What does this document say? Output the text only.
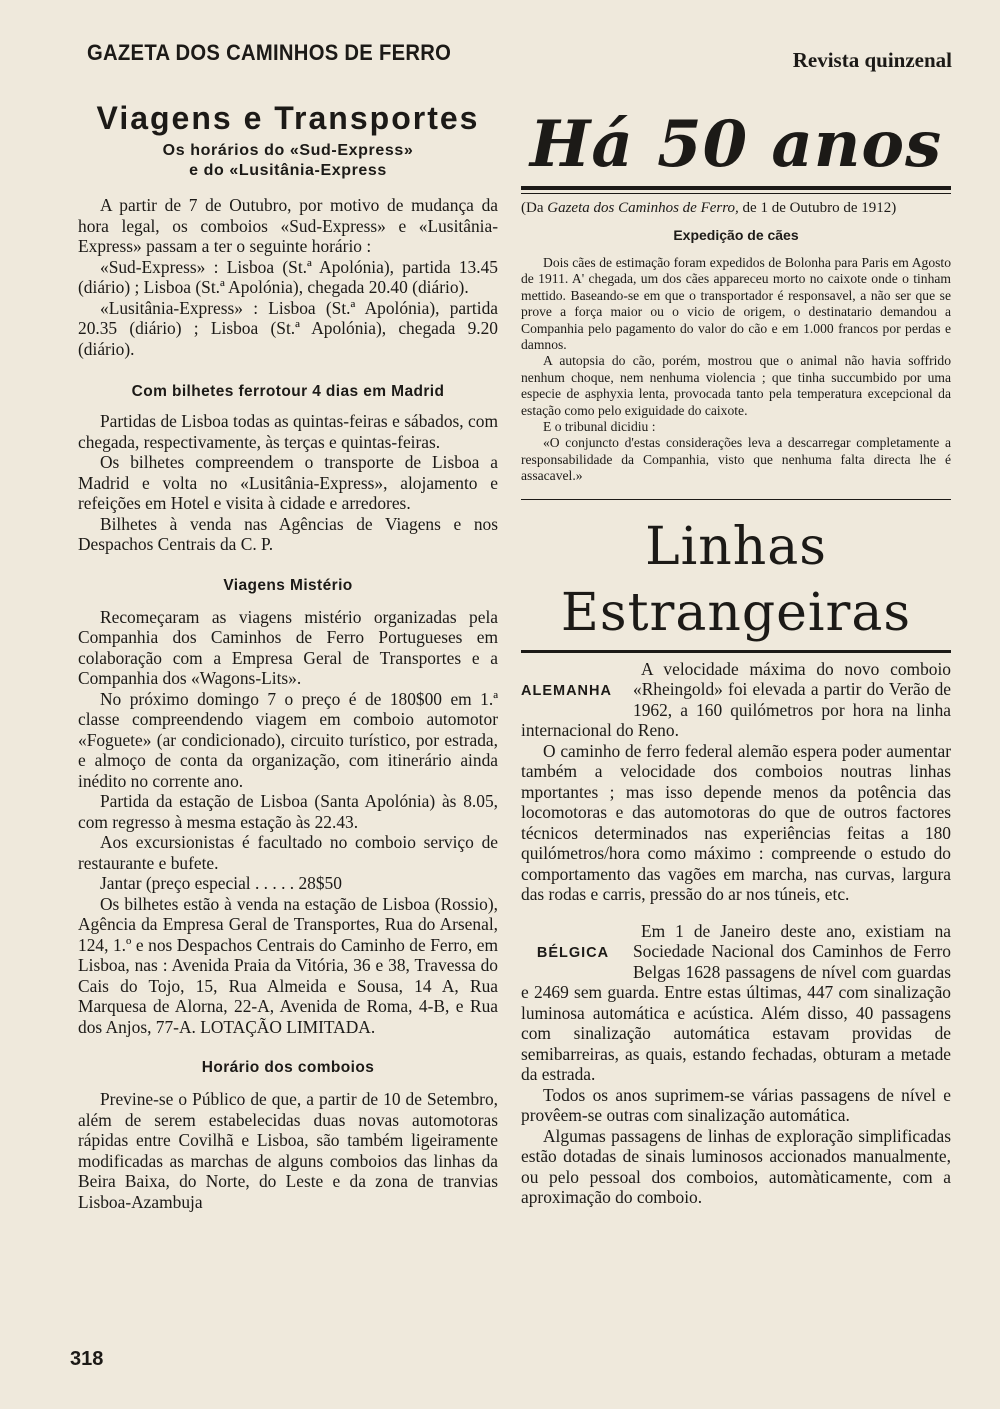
GAZETA DOS CAMINHOS DE FERRO	Revista quinzenal
Viagens e Transportes
Os horários do «Sud-Express»
e do «Lusitânia-Express

A partir de 7 de Outubro, por motivo de mudança da hora legal, os comboios «Sud-Express» e «Lusitânia-Express» passam a ter o seguinte horário :

«Sud-Express» : Lisboa (St.ª Apolónia), partida 13.45 (diário) ; Lisboa (St.ª Apolónia), chegada 20.40 (diário).

«Lusitânia-Express» : Lisboa (St.ª Apolónia), partida 20.35 (diário) ; Lisboa (St.ª Apolónia), chegada 9.20 (diário).

Com bilhetes ferrotour 4 dias em Madrid

Partidas de Lisboa todas as quintas-feiras e sábados, com chegada, respectivamente, às terças e quintas-feiras.

Os bilhetes compreendem o transporte de Lisboa a Madrid e volta no «Lusitânia-Express», alojamento e refeições em Hotel e visita à cidade e arredores.

Bilhetes à venda nas Agências de Viagens e nos Despachos Centrais da C. P.

Viagens Mistério

Recomeçaram as viagens mistério organizadas pela Companhia dos Caminhos de Ferro Portugueses em colaboração com a Empresa Geral de Transportes e a Companhia dos «Wagons-Lits».

No próximo domingo 7 o preço é de 180$00 em 1.ª classe compreendendo viagem em comboio automotor «Foguete» (ar condicionado), circuito turístico, por estrada, e almoço de conta da organização, com itinerário ainda inédito no corrente ano.

Partida da estação de Lisboa (Santa Apolónia) às 8.05, com regresso à mesma estação às 22.43.

Aos excursionistas é facultado no comboio serviço de restaurante e bufete.

Jantar (preço especial . . . . . 28$50

Os bilhetes estão à venda na estação de Lisboa (Rossio), Agência da Empresa Geral de Transportes, Rua do Arsenal, 124, 1.º e nos Despachos Centrais do Caminho de Ferro, em Lisboa, nas : Avenida Praia da Vitória, 36 e 38, Travessa do Cais do Tojo, 15, Rua Almeida e Sousa, 14 A, Rua Marquesa de Alorna, 22-A, Avenida de Roma, 4-B, e Rua dos Anjos, 77-A. LOTAÇÃO LIMITADA.

Horário dos comboios

Previne-se o Público de que, a partir de 10 de Setembro, além de serem estabelecidas duas novas automotoras rápidas entre Covilhã e Lisboa, são também ligeiramente modificadas as marchas de alguns comboios das linhas da Beira Baixa, do Norte, do Leste e da zona de tranvias Lisboa-Azambuja

Há 50 anos
(Da Gazeta dos Caminhos de Ferro, de 1 de Outubro de 1912)
Expedição de cães

Dois cães de estimação foram expedidos de Bolonha para Paris em Agosto de 1911. A' chegada, um dos cães appareceu morto no caixote onde o tinham mettido. Baseando-se em que o transportador é responsavel, a não ser que se prove a força maior ou o vicio de origem, o destinatario demandou a Companhia pelo pagamento do valor do cão e em 1.000 francos por perdas e damnos.

A autopsia do cão, porém, mostrou que o animal não havia soffrido nenhum choque, nem nenhuma violencia ; que tinha succumbido por uma especie de asphyxia lenta, provocada tanto pela temperatura excepcional da estação como pelo exiguidade do caixote.

E o tribunal dicidiu :

«O conjuncto d'estas considerações leva a descarregar completamente a responsabilidade da Companhia, visto que nenhuma falta directa lhe é assacavel.»

Linhas Estrangeiras
ALEMANHA

A velocidade máxima do novo comboio «Rheingold» foi elevada a partir do Verão de 1962, a 160 quilómetros por hora na linha internacional do Reno.

O caminho de ferro federal alemão espera poder aumentar também a velocidade dos comboios noutras linhas mportantes ; mas isso depende menos da potência das locomotoras e das automotoras do que de outros factores técnicos determinados nas experiências feitas a 180 quilómetros/hora como máximo : compreende o estudo do comportamento das vagões em marcha, nas curvas, largura das rodas e carris, pressão do ar nos túneis, etc.

BÉLGICA

Em 1 de Janeiro deste ano, existiam na Sociedade Nacional dos Caminhos de Ferro Belgas 1628 passagens de nível com guardas e 2469 sem guarda. Entre estas últimas, 447 com sinalização luminosa automática e acústica. Além disso, 40 passagens com sinalização automática estavam providas de semibarreiras, as quais, estando fechadas, obturam a metade da estrada.

Todos os anos suprimem-se várias passagens de nível e provêem-se outras com sinalização automática.

Algumas passagens de linhas de exploração simplificadas estão dotadas de sinais luminosos accionados manualmente, ou pelo pessoal dos comboios, automàticamente, com a aproximação do comboio.

318
